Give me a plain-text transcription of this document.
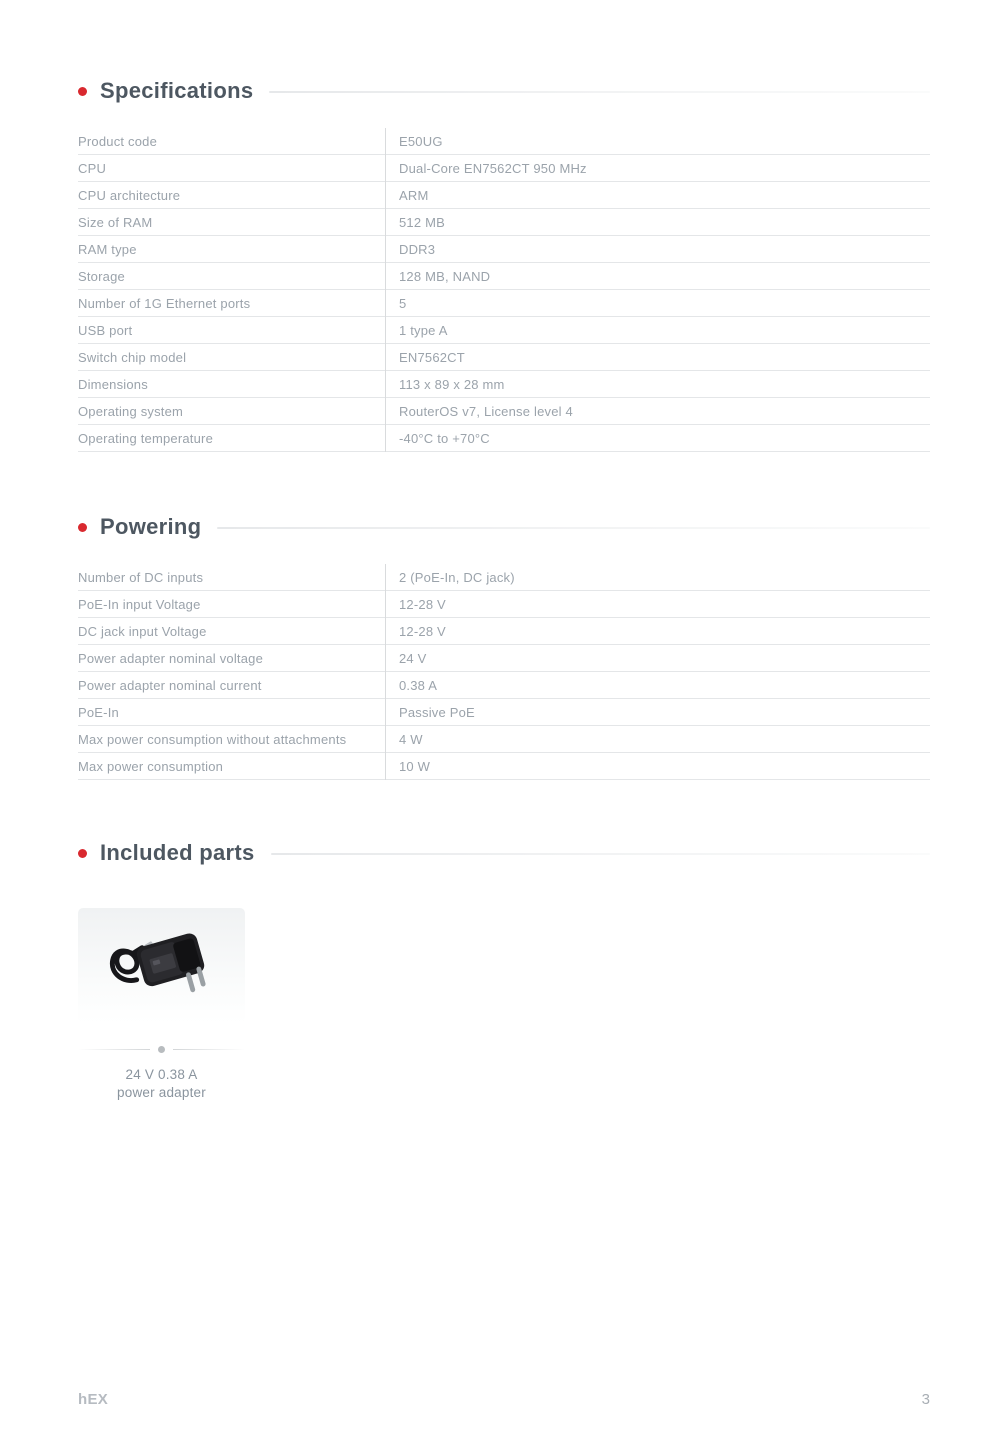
Specifications
Product code	E50UG
CPU	Dual-Core EN7562CT 950 MHz
CPU architecture	ARM
Size of RAM	512 MB
RAM type	DDR3
Storage	128 MB, NAND
Number of 1G Ethernet ports	5
USB port	1 type A
Switch chip model	EN7562CT
Dimensions	113 x 89 x 28 mm
Operating system	RouterOS v7, License level 4
Operating temperature	-40°C to +70°C
Powering
Number of DC inputs	2 (PoE-In, DC jack)
PoE-In input Voltage	12-28 V
DC jack input Voltage	12-28 V
Power adapter nominal voltage	24 V
Power adapter nominal current	0.38 A
PoE-In	Passive PoE
Max power consumption without attachments	4 W
Max power consumption	10 W
Included parts
24 V 0.38 A
power adapter
hEX	3
